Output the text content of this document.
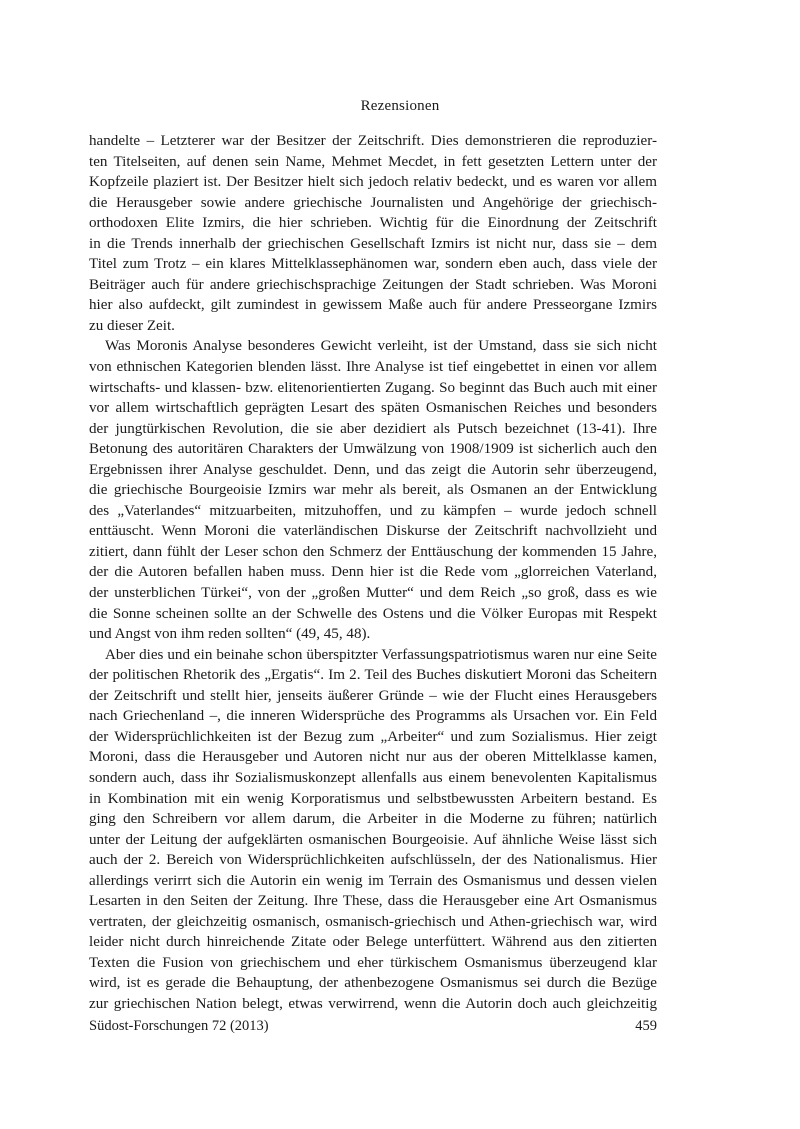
Rezensionen
handelte – Letzterer war der Besitzer der Zeitschrift. Dies demonstrieren die reproduzier-
ten Titelseiten, auf denen sein Name, Mehmet Mecdet, in fett gesetzten Lettern unter der
Kopfzeile plaziert ist. Der Besitzer hielt sich jedoch relativ bedeckt, und es waren vor allem
die Herausgeber sowie andere griechische Journalisten und Angehörige der griechisch-
orthodoxen Elite Izmirs, die hier schrieben. Wichtig für die Einordnung der Zeitschrift
in die Trends innerhalb der griechischen Gesellschaft Izmirs ist nicht nur, dass sie – dem
Titel zum Trotz – ein klares Mittelklassephänomen war, sondern eben auch, dass viele der
Beiträger auch für andere griechischsprachige Zeitungen der Stadt schrieben. Was Moroni
hier also aufdeckt, gilt zumindest in gewissem Maße auch für andere Presseorgane Izmirs
zu dieser Zeit.
Was Moronis Analyse besonderes Gewicht verleiht, ist der Umstand, dass sie sich nicht
von ethnischen Kategorien blenden lässt. Ihre Analyse ist tief eingebettet in einen vor allem
wirtschafts- und klassen- bzw. elitenorientierten Zugang. So beginnt das Buch auch mit einer
vor allem wirtschaftlich geprägten Lesart des späten Osmanischen Reiches und besonders
der jungtürkischen Revolution, die sie aber dezidiert als Putsch bezeichnet (13-41). Ihre
Betonung des autoritären Charakters der Umwälzung von 1908/1909 ist sicherlich auch den
Ergebnissen ihrer Analyse geschuldet. Denn, und das zeigt die Autorin sehr überzeugend,
die griechische Bourgeoisie Izmirs war mehr als bereit, als Osmanen an der Entwicklung
des „Vaterlandes“ mitzuarbeiten, mitzuhoffen, und zu kämpfen – wurde jedoch schnell
enttäuscht. Wenn Moroni die vaterländischen Diskurse der Zeitschrift nachvollzieht und
zitiert, dann fühlt der Leser schon den Schmerz der Enttäuschung der kommenden 15 Jahre,
der die Autoren befallen haben muss. Denn hier ist die Rede vom „glorreichen Vaterland,
der unsterblichen Türkei“, von der „großen Mutter“ und dem Reich „so groß, dass es wie
die Sonne scheinen sollte an der Schwelle des Ostens und die Völker Europas mit Respekt
und Angst von ihm reden sollten“ (49, 45, 48).
Aber dies und ein beinahe schon überspitzter Verfassungspatriotismus waren nur eine Seite
der politischen Rhetorik des „Ergatis“. Im 2. Teil des Buches diskutiert Moroni das Scheitern
der Zeitschrift und stellt hier, jenseits äußerer Gründe – wie der Flucht eines Herausgebers
nach Griechenland –, die inneren Widersprüche des Programms als Ursachen vor. Ein Feld
der Widersprüchlichkeiten ist der Bezug zum „Arbeiter“ und zum Sozialismus. Hier zeigt
Moroni, dass die Herausgeber und Autoren nicht nur aus der oberen Mittelklasse kamen,
sondern auch, dass ihr Sozialismuskonzept allenfalls aus einem benevolenten Kapitalismus
in Kombination mit ein wenig Korporatismus und selbstbewussten Arbeitern bestand. Es
ging den Schreibern vor allem darum, die Arbeiter in die Moderne zu führen; natürlich
unter der Leitung der aufgeklärten osmanischen Bourgeoisie. Auf ähnliche Weise lässt sich
auch der 2. Bereich von Widersprüchlichkeiten aufschlüsseln, der des Nationalismus. Hier
allerdings verirrt sich die Autorin ein wenig im Terrain des Osmanismus und dessen vielen
Lesarten in den Seiten der Zeitung. Ihre These, dass die Herausgeber eine Art Osmanismus
vertraten, der gleichzeitig osmanisch, osmanisch-griechisch und Athen-griechisch war, wird
leider nicht durch hinreichende Zitate oder Belege unterfüttert. Während aus den zitierten
Texten die Fusion von griechischem und eher türkischem Osmanismus überzeugend klar
wird, ist es gerade die Behauptung, der athenbezogene Osmanismus sei durch die Bezüge
zur griechischen Nation belegt, etwas verwirrend, wenn die Autorin doch auch gleichzeitig
Südost-Forschungen 72 (2013)	459
